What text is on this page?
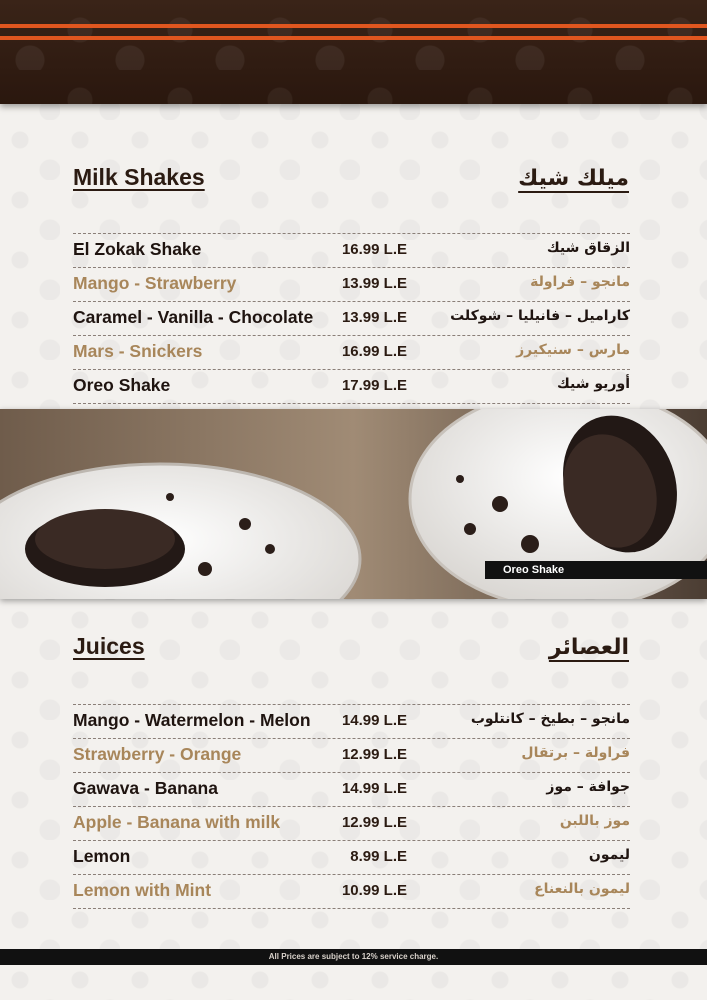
Milk Shakes	ميلك شيك
El Zokak Shake	16.99 L.E	الزقاق شيك
Mango - Strawberry	13.99 L.E	مانجو – فراولة
Caramel - Vanilla - Chocolate 13.99 L.E	كاراميل – فانيليا – شوكلت
Mars - Snickers	16.99 L.E	مارس – سنيكيرز
Oreo Shake	17.99 L.E	أوريو شيك
Oreo Shake
Juices	العصائر
Mango - Watermelon - Melon 14.99 L.E	مانجو – بطيخ – كانتلوب
Strawberry - Orange	12.99 L.E	فراولة – برتقال
Gawava - Banana	14.99 L.E	جوافة – موز
Apple - Banana with milk	12.99 L.E	موز باللبن
Lemon	8.99 L.E	ليمون
Lemon with Mint	10.99 L.E	ليمون بالنعناع
All Prices are subject to 12% service charge.
